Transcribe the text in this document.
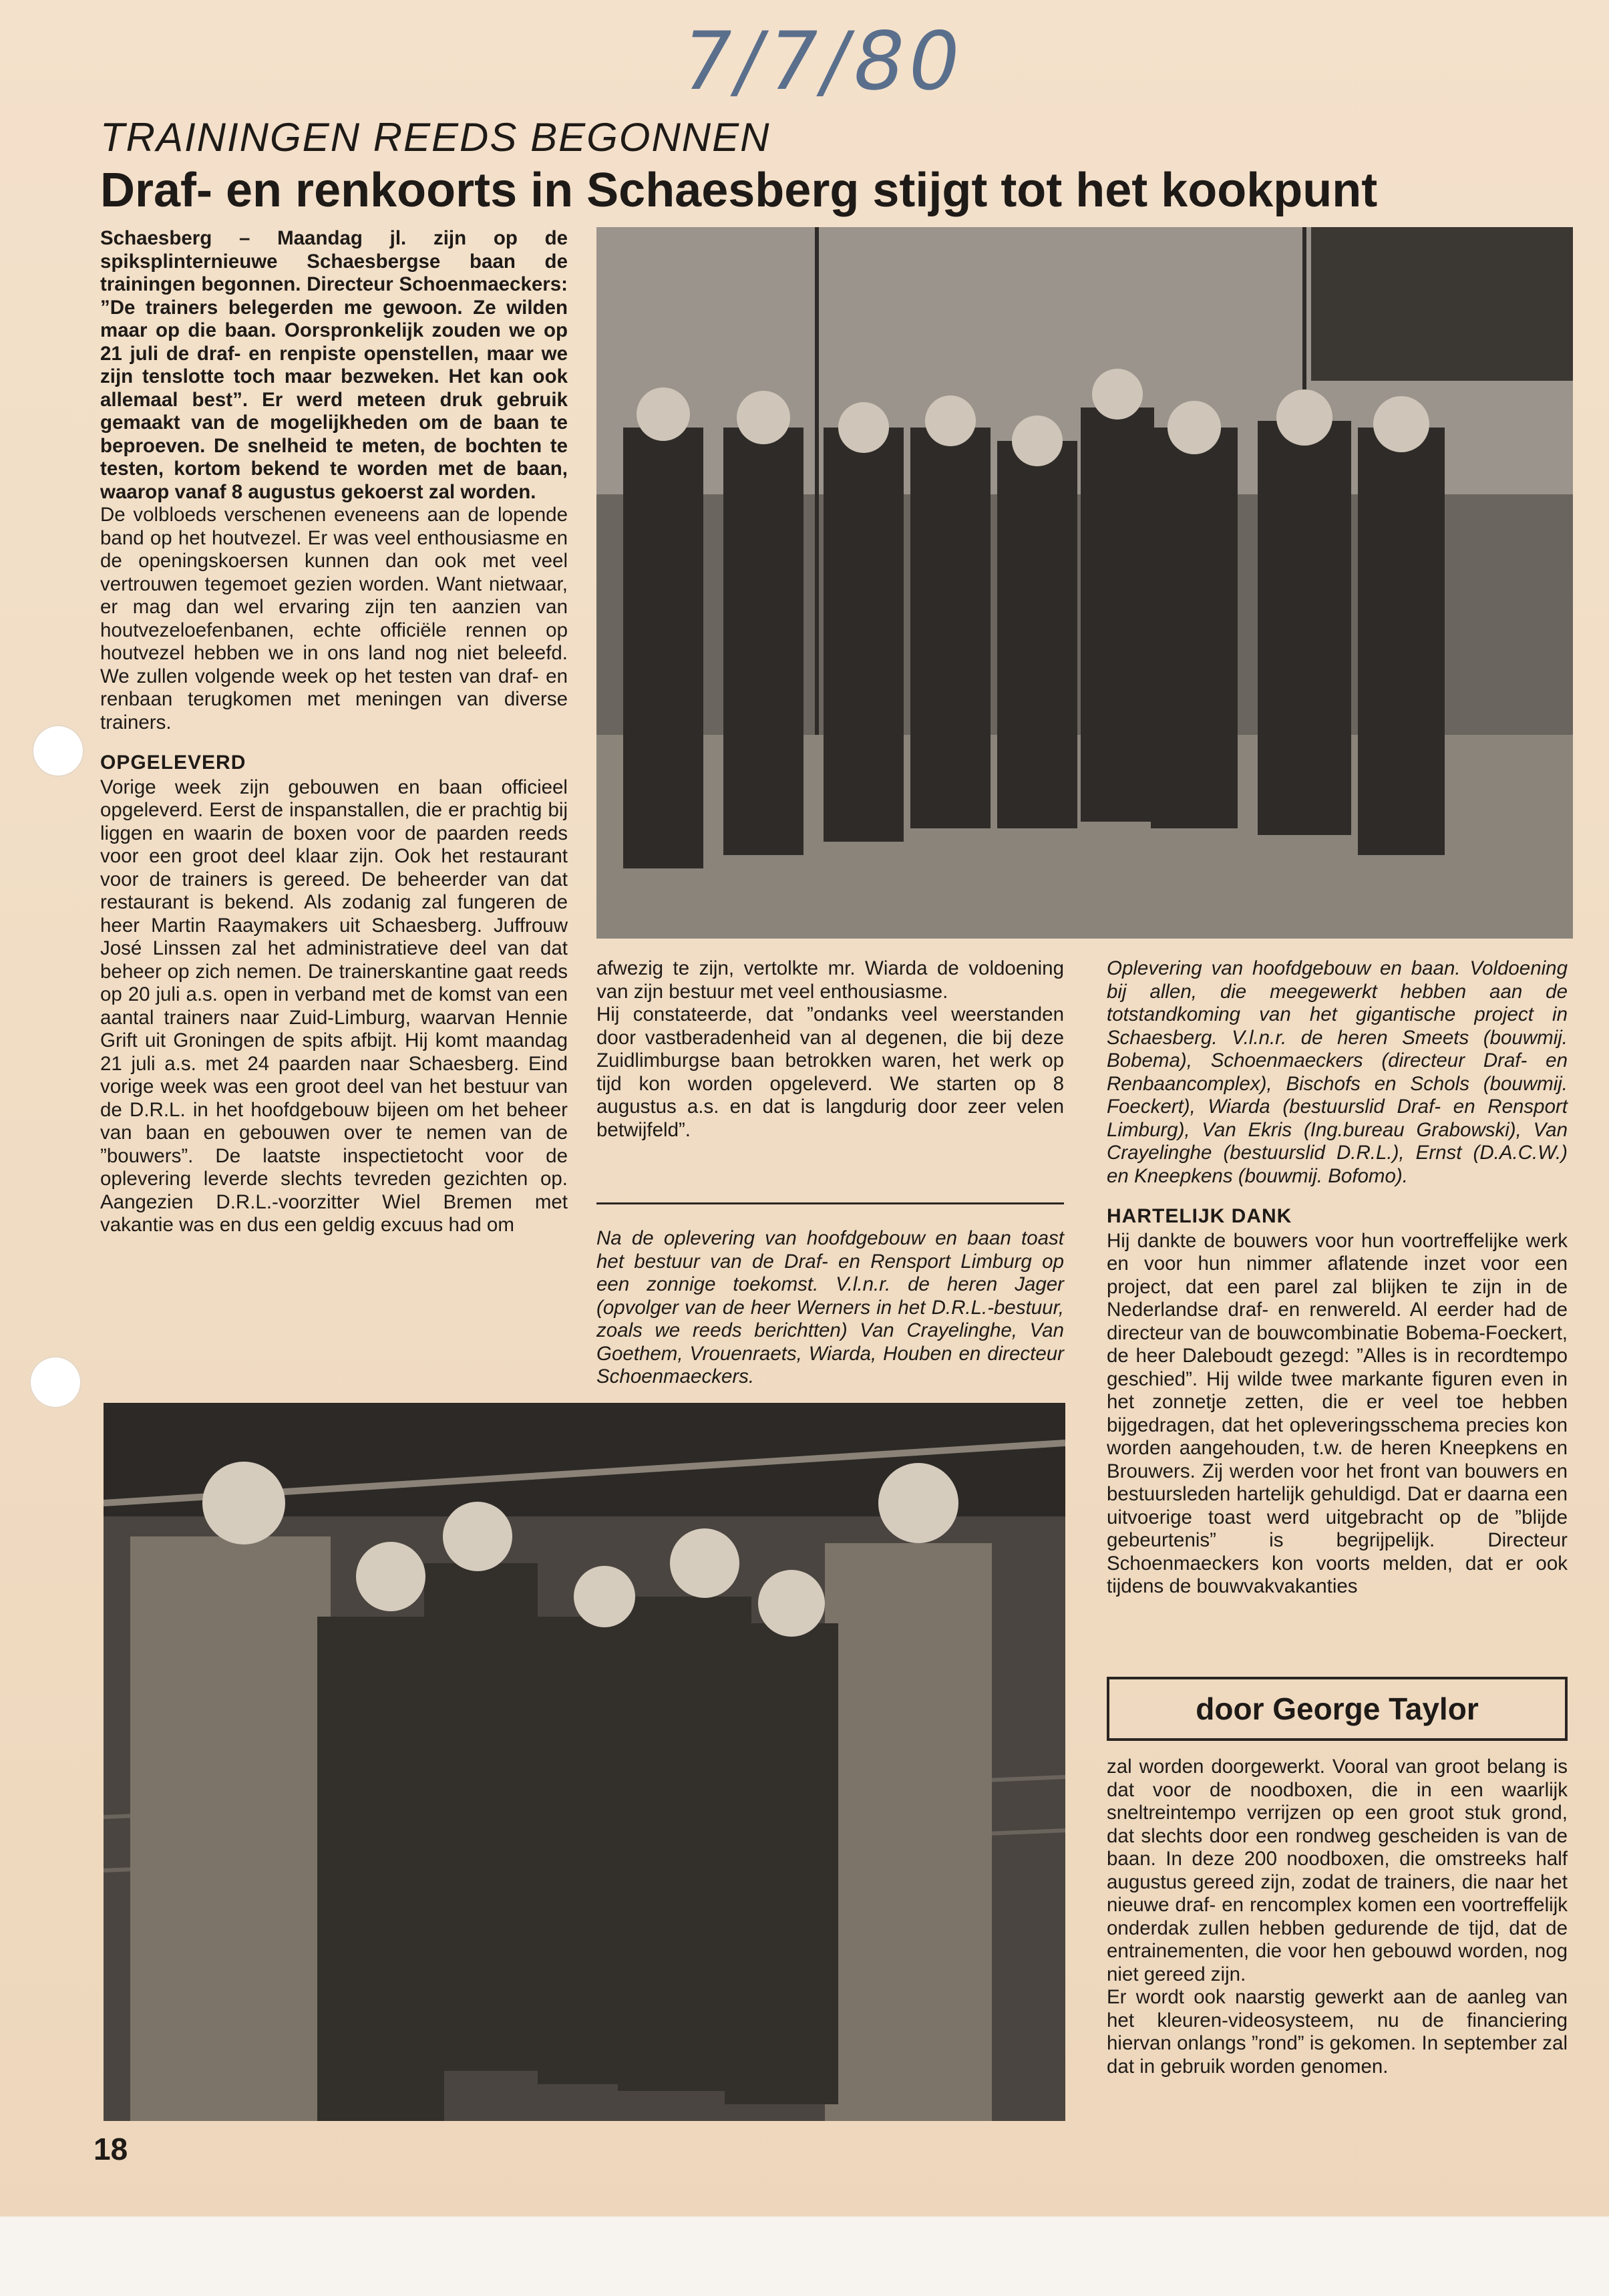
7/7/80
TRAININGEN REEDS BEGONNEN
Draf- en renkoorts in Schaesberg stijgt tot het kookpunt

Schaesberg – Maandag jl. zijn op de spiksplinternieuwe Schaesbergse baan de trainingen begonnen. Directeur Schoenmaeckers: ”De trainers belegerden me gewoon. Ze wilden maar op die baan. Oorspronkelijk zouden we op 21 juli de draf- en renpiste openstellen, maar we zijn tenslotte toch maar bezweken. Het kan ook allemaal best”. Er werd meteen druk gebruik gemaakt van de mogelijkheden om de baan te beproeven. De snelheid te meten, de bochten te testen, kortom bekend te worden met de baan, waarop vanaf 8 augustus gekoerst zal worden.

De volbloeds verschenen eveneens aan de lopende band op het houtvezel. Er was veel enthousiasme en de openingskoersen kunnen dan ook met veel vertrouwen tegemoet gezien worden. Want nietwaar, er mag dan wel ervaring zijn ten aanzien van houtvezeloefenbanen, echte officiële rennen op houtvezel hebben we in ons land nog niet beleefd. We zullen volgende week op het testen van draf- en renbaan terugkomen met meningen van diverse trainers.

OPGELEVERD

Vorige week zijn gebouwen en baan officieel opgeleverd. Eerst de inspanstallen, die er prachtig bij liggen en waarin de boxen voor de paarden reeds voor een groot deel klaar zijn. Ook het restaurant voor de trainers is gereed. De beheerder van dat restaurant is bekend. Als zodanig zal fungeren de heer Martin Raaymakers uit Schaesberg. Juffrouw José Linssen zal het administratieve deel van dat beheer op zich nemen. De trainerskantine gaat reeds op 20 juli a.s. open in verband met de komst van een aantal trainers naar Zuid-Limburg, waarvan Hennie Grift uit Groningen de spits afbijt. Hij komt maandag 21 juli a.s. met 24 paarden naar Schaesberg. Eind vorige week was een groot deel van het bestuur van de D.R.L. in het hoofdgebouw bijeen om het beheer van baan en gebouwen over te nemen van de ”bouwers”. De laatste inspectietocht voor de oplevering leverde slechts tevreden gezichten op. Aangezien D.R.L.-voorzitter Wiel Bremen met vakantie was en dus een geldig excuus had om

afwezig te zijn, vertolkte mr. Wiarda de voldoening van zijn bestuur met veel enthousiasme.

Hij constateerde, dat ”ondanks veel weerstanden door vastberadenheid van al degenen, die bij deze Zuidlimburgse baan betrokken waren, het werk op tijd kon worden opgeleverd. We starten op 8 augustus a.s. en dat is langdurig door zeer velen betwijfeld”.

Na de oplevering van hoofdgebouw en baan toast het bestuur van de Draf- en Rensport Limburg op een zonnige toekomst. V.l.n.r. de heren Jager (opvolger van de heer Werners in het D.R.L.-bestuur, zoals we reeds berichtten) Van Crayelinghe, Van Goethem, Vrouenraets, Wiarda, Houben en directeur Schoenmaeckers.

Oplevering van hoofdgebouw en baan. Voldoening bij allen, die meegewerkt hebben aan de totstandkoming van het gigantische project in Schaesberg. V.l.n.r. de heren Smeets (bouwmij. Bobema), Schoenmaeckers (directeur Draf- en Renbaancomplex), Bischofs en Schols (bouwmij. Foeckert), Wiarda (bestuurslid Draf- en Rensport Limburg), Van Ekris (Ing.bureau Grabowski), Van Crayelinghe (bestuurslid D.R.L.), Ernst (D.A.C.W.) en Kneepkens (bouwmij. Bofomo).

HARTELIJK DANK

Hij dankte de bouwers voor hun voortreffelijke werk en voor hun nimmer aflatende inzet voor een project, dat een parel zal blijken te zijn in de Nederlandse draf- en renwereld. Al eerder had de directeur van de bouwcombinatie Bobema-Foeckert, de heer Daleboudt gezegd: ”Alles is in recordtempo geschied”. Hij wilde twee markante figuren even in het zonnetje zetten, die er veel toe hebben bijgedragen, dat het opleveringsschema precies kon worden aangehouden, t.w. de heren Kneepkens en Brouwers. Zij werden voor het front van bouwers en bestuursleden hartelijk gehuldigd. Dat er daarna een uitvoerige toast werd uitgebracht op de ”blijde gebeurtenis” is begrijpelijk. Directeur Schoenmaeckers kon voorts melden, dat er ook tijdens de bouwvakvakanties

door George Taylor

zal worden doorgewerkt. Vooral van groot belang is dat voor de noodboxen, die in een waarlijk sneltreintempo verrijzen op een groot stuk grond, dat slechts door een rondweg gescheiden is van de baan. In deze 200 noodboxen, die omstreeks half augustus gereed zijn, zodat de trainers, die naar het nieuwe draf- en rencomplex komen een voortreffelijk onderdak zullen hebben gedurende de tijd, dat de entrainementen, die voor hen gebouwd worden, nog niet gereed zijn.

Er wordt ook naarstig gewerkt aan de aanleg van het kleuren-videosysteem, nu de financiering hiervan onlangs ”rond” is gekomen. In september zal dat in gebruik worden genomen.

18
